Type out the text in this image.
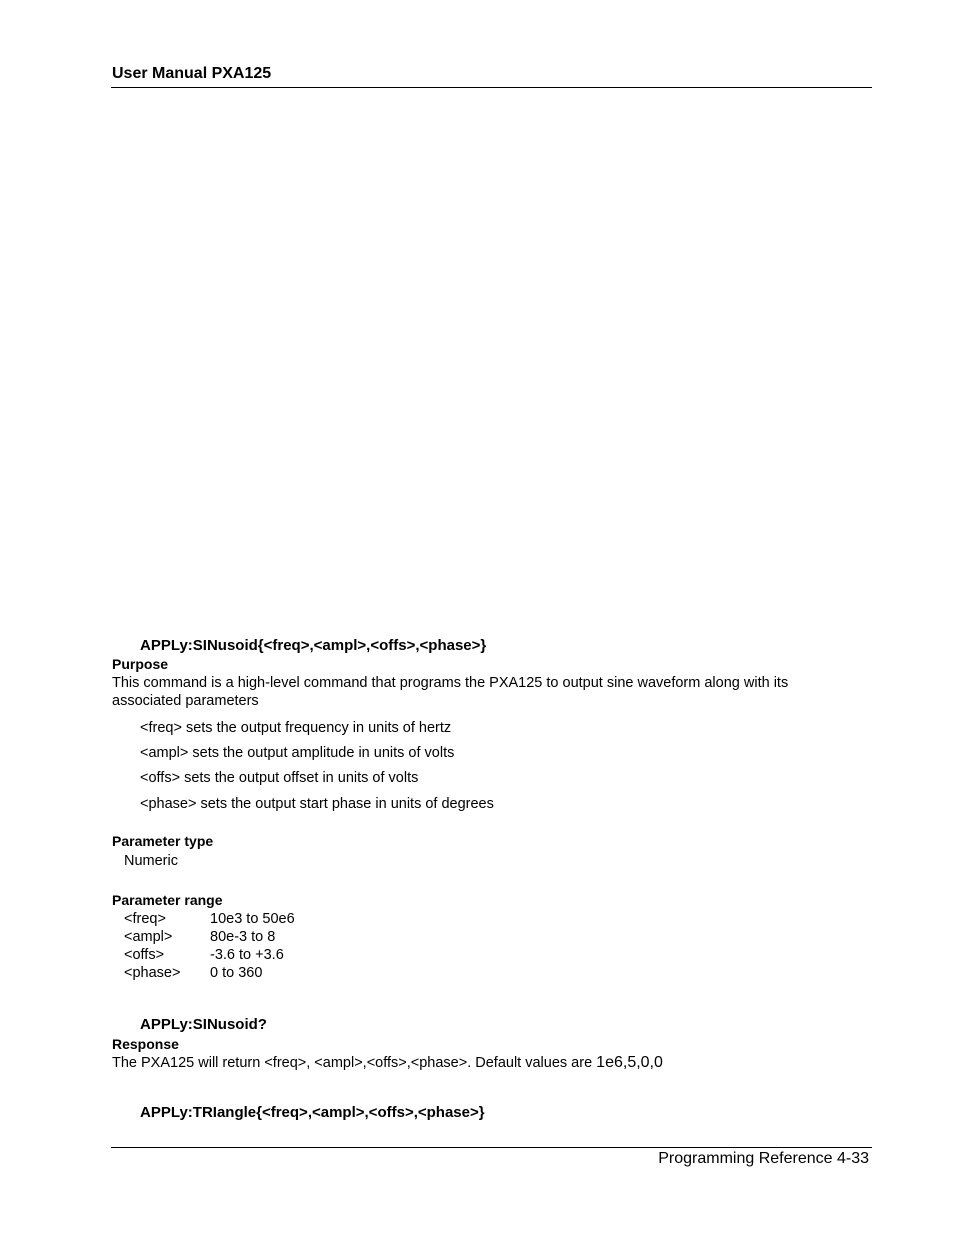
User Manual PXA125
APPLy:SINusoid{<freq>,<ampl>,<offs>,<phase>}
Purpose
This command is a high-level command that programs the PXA125 to output sine waveform along with its associated parameters
<freq> sets the output frequency in units of hertz
<ampl> sets the output amplitude in units of volts
<offs> sets the output offset in units of volts
<phase> sets the output start phase in units of degrees
Parameter type
Numeric
Parameter range
<freq>	10e3 to 50e6
<ampl>	80e-3 to 8
<offs>	-3.6 to +3.6
<phase> 0 to 360
APPLy:SINusoid?
Response
The PXA125 will return <freq>, <ampl>,<offs>,<phase>. Default values are 1e6,5,0,0
APPLy:TRIangle{<freq>,<ampl>,<offs>,<phase>}
Programming Reference 4-33
